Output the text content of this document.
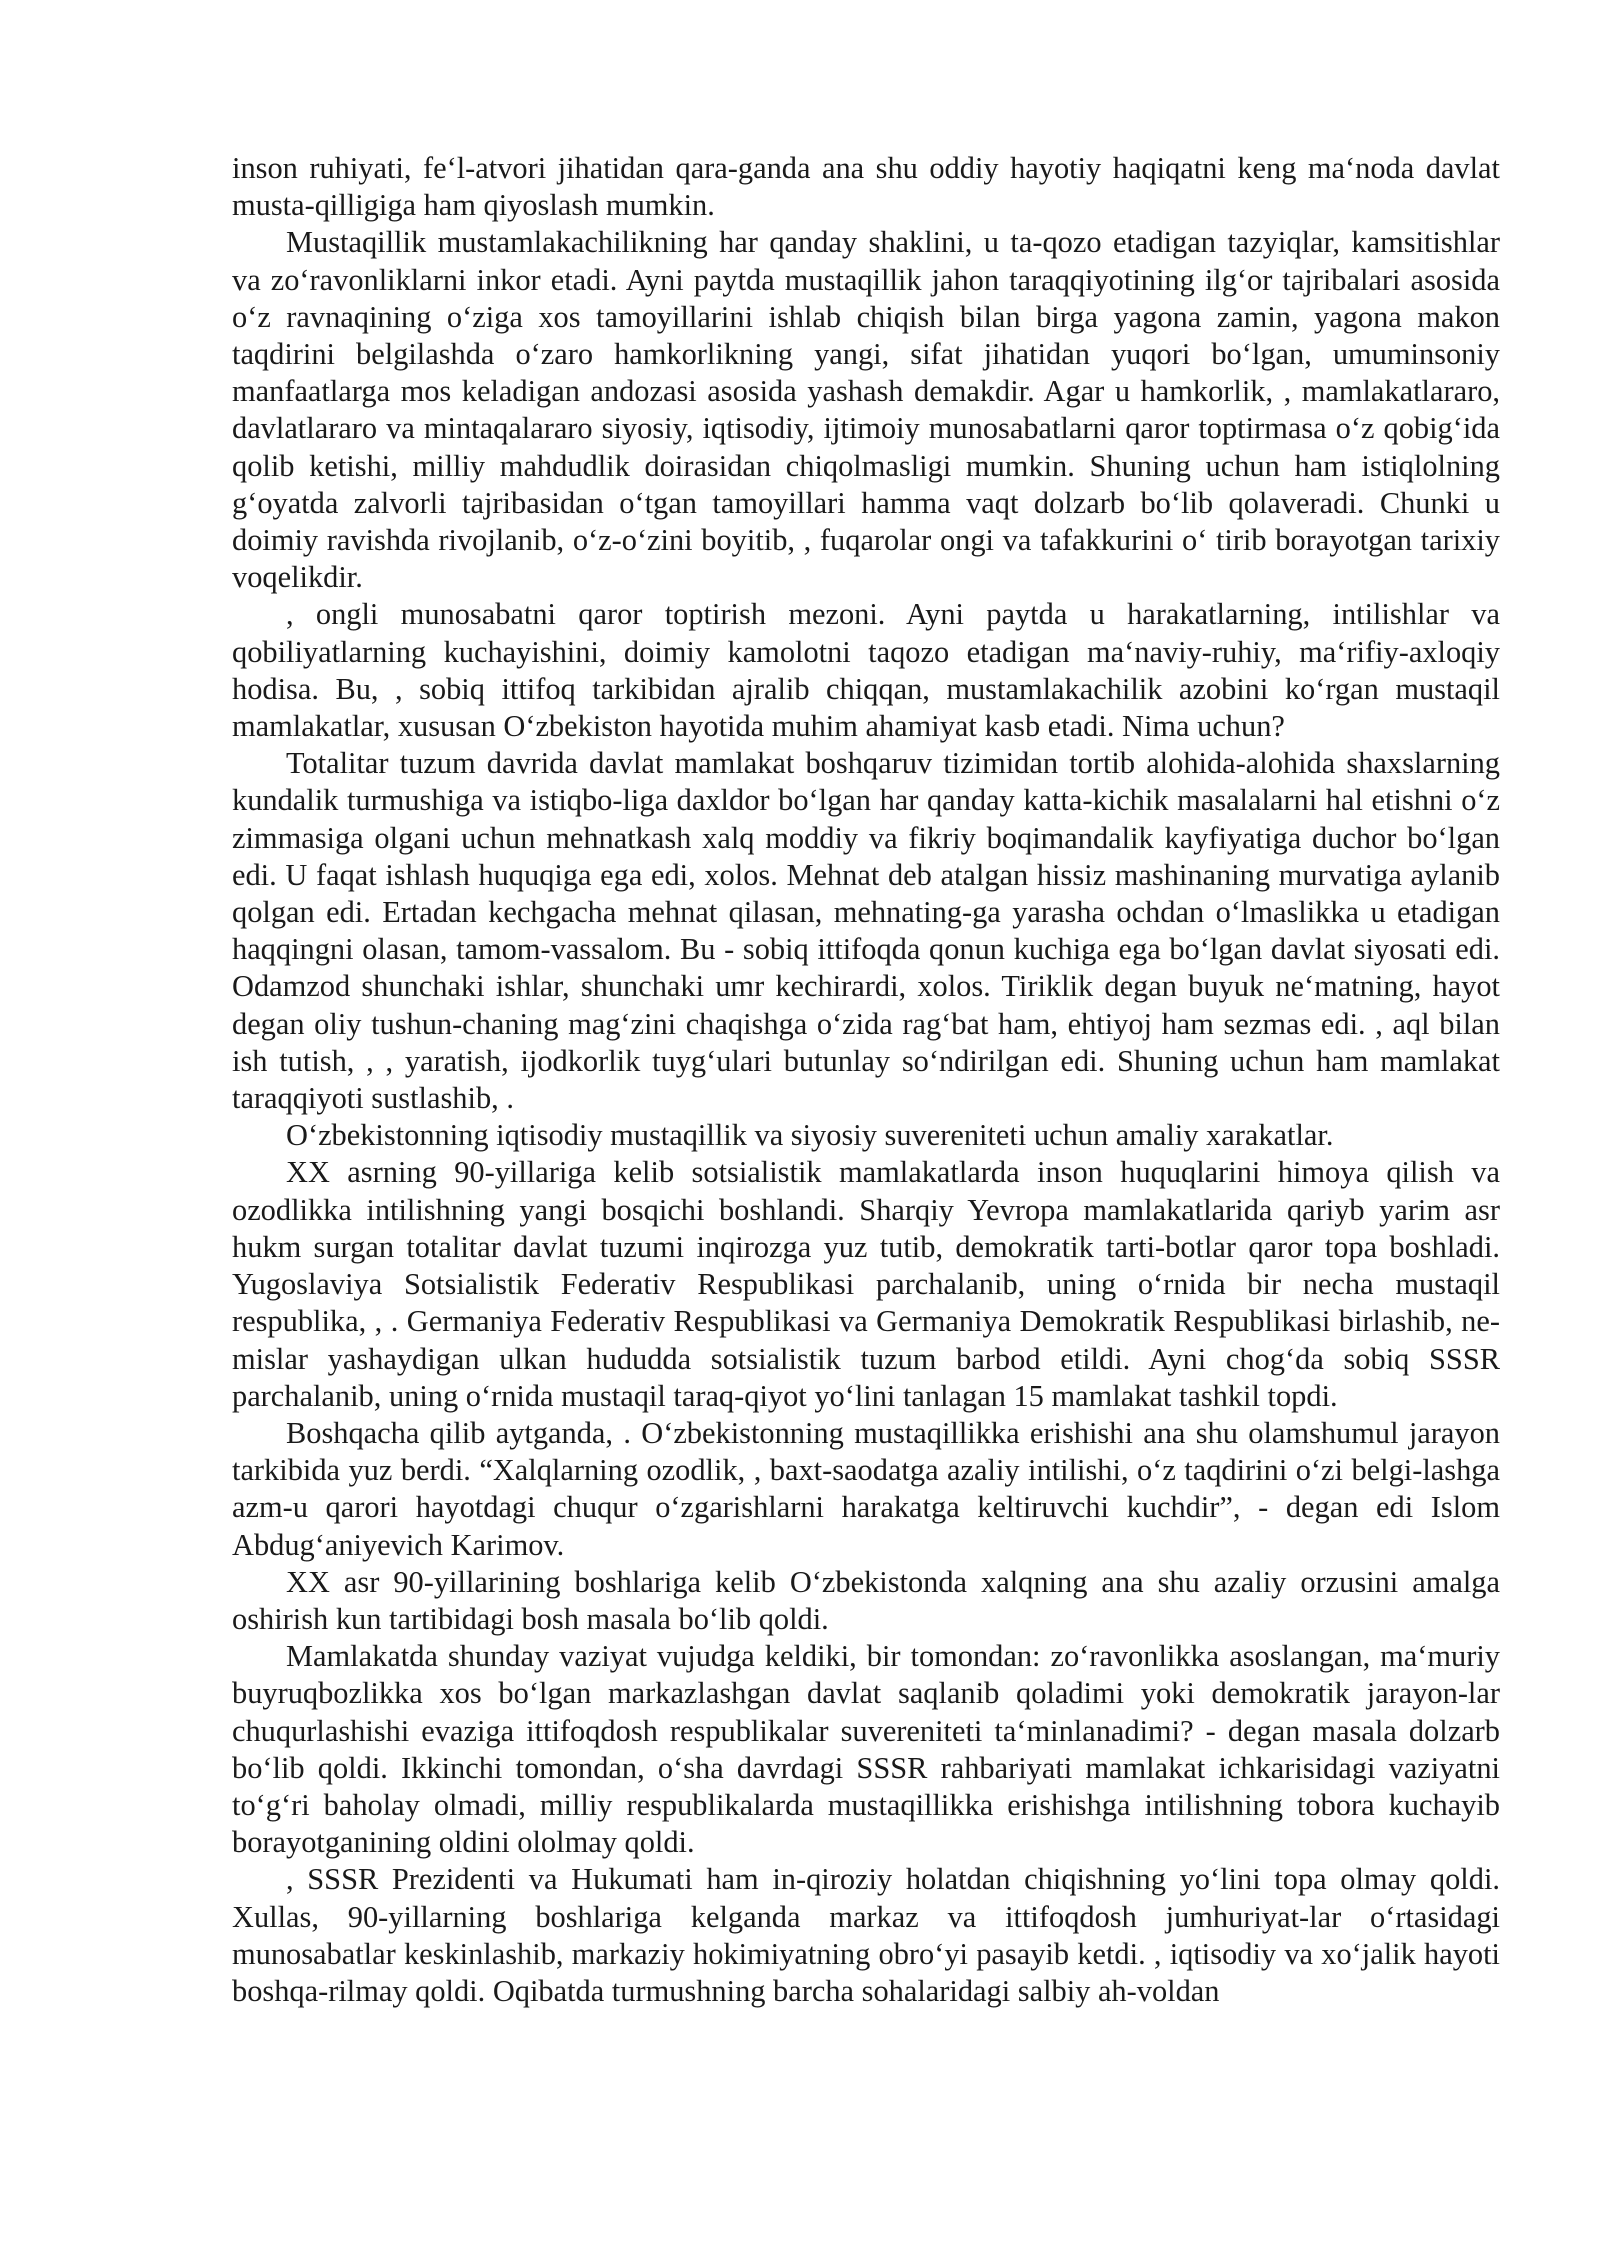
inson ruhiyati, fe‘l-atvori jihatidan qara-ganda ana shu oddiy hayotiy haqiqatni keng ma‘noda davlat musta-qilligiga ham qiyoslash mumkin.

Mustaqillik mustamlakachilikning har qanday shaklini, u ta-qozo etadigan tazyiqlar, kamsitishlar va zo‘ravonliklarni inkor etadi. Ayni paytda mustaqillik jahon taraqqiyotining ilg‘or tajribalari asosida o‘z ravnaqining o‘ziga xos tamoyillarini ishlab chiqish bilan birga yagona zamin, yagona makon taqdirini belgilashda o‘zaro hamkorlikning yangi, sifat jihatidan yuqori bo‘lgan, umuminsoniy manfaatlarga mos keladigan andozasi asosida yashash demakdir. Agar u hamkorlik, , mamlakatlararo, davlatlararo va mintaqalararo siyosiy, iqtisodiy, ijtimoiy munosabatlarni qaror toptirmasa o‘z qobig‘ida qolib ketishi, milliy mahdudlik doirasidan chiqolmasligi mumkin. Shuning uchun ham istiqlolning g‘oyatda zalvorli tajribasidan o‘tgan tamoyillari hamma vaqt dolzarb bo‘lib qolaveradi. Chunki u doimiy ravishda rivojlanib, o‘z-o‘zini boyitib, , fuqarolar ongi va tafakkurini o‘ tirib borayotgan tarixiy voqelikdir.

, ongli munosabatni qaror toptirish mezoni. Ayni paytda u harakatlarning, intilishlar va qobiliyatlarning kuchayishini, doimiy kamolotni taqozo etadigan ma‘naviy-ruhiy, ma‘rifiy-axloqiy hodisa. Bu, , sobiq ittifoq tarkibidan ajralib chiqqan, mustamlakachilik azobini ko‘rgan mustaqil mamlakatlar, xususan O‘zbekiston hayotida muhim ahamiyat kasb etadi. Nima uchun?

Totalitar tuzum davrida davlat mamlakat boshqaruv tizimidan tortib alohida-alohida shaxslarning kundalik turmushiga va istiqbo-liga daxldor bo‘lgan har qanday katta-kichik masalalarni hal etishni o‘z zimmasiga olgani uchun mehnatkash xalq moddiy va fikriy boqimandalik kayfiyatiga duchor bo‘lgan edi. U faqat ishlash huquqiga ega edi, xolos. Mehnat deb atalgan hissiz mashinaning murvatiga aylanib qolgan edi. Ertadan kechgacha mehnat qilasan, mehnating-ga yarasha ochdan o‘lmaslikka u etadigan haqqingni olasan, tamom-vassalom. Bu - sobiq ittifoqda qonun kuchiga ega bo‘lgan davlat siyosati edi. Odamzod shunchaki ishlar, shunchaki umr kechirardi, xolos. Tiriklik degan buyuk ne‘matning, hayot degan oliy tushun-chaning mag‘zini chaqishga o‘zida rag‘bat ham, ehtiyoj ham sezmas edi. , aql bilan ish tutish, , , yaratish, ijodkorlik tuyg‘ulari butunlay so‘ndirilgan edi. Shuning uchun ham mamlakat taraqqiyoti sustlashib, .

O‘zbekistonning iqtisodiy mustaqillik va siyosiy suvereniteti uchun amaliy xarakatlar.

XX asrning 90-yillariga kelib sotsialistik mamlakatlarda inson huquqlarini himoya qilish va ozodlikka intilishning yangi bosqichi boshlandi. Sharqiy Yevropa mamlakatlarida qariyb yarim asr hukm surgan totalitar davlat tuzumi inqirozga yuz tutib, demokratik tarti-botlar qaror topa boshladi. Yugoslaviya Sotsialistik Federativ Respublikasi parchalanib, uning o‘rnida bir necha mustaqil respublika, , . Germaniya Federativ Respublikasi va Germaniya Demokratik Respublikasi birlashib, ne-mislar yashaydigan ulkan hududda sotsialistik tuzum barbod etildi. Ayni chog‘da sobiq SSSR parchalanib, uning o‘rnida mustaqil taraq-qiyot yo‘lini tanlagan 15 mamlakat tashkil topdi.

Boshqacha qilib aytganda, . O‘zbekistonning mustaqillikka erishishi ana shu olamshumul jarayon tarkibida yuz berdi. “Xalqlarning ozodlik, , baxt-saodatga azaliy intilishi, o‘z taqdirini o‘zi belgi-lashga azm-u qarori hayotdagi chuqur o‘zgarishlarni harakatga keltiruvchi kuchdir”, - degan edi Islom Abdug‘aniyevich Karimov.

XX asr 90-yillarining boshlariga kelib O‘zbekistonda xalqning ana shu azaliy orzusini amalga oshirish kun tartibidagi bosh masala bo‘lib qoldi.

Mamlakatda shunday vaziyat vujudga keldiki, bir tomondan: zo‘ravonlikka asoslangan, ma‘muriy buyruqbozlikka xos bo‘lgan markazlashgan davlat saqlanib qoladimi yoki demokratik jarayon-lar chuqurlashishi evaziga ittifoqdosh respublikalar suvereniteti ta‘minlanadimi? - degan masala dolzarb bo‘lib qoldi. Ikkinchi tomondan, o‘sha davrdagi SSSR rahbariyati mamlakat ichkarisidagi vaziyatni to‘g‘ri baholay olmadi, milliy respublikalarda mustaqillikka erishishga intilishning tobora kuchayib borayotganining oldini ololmay qoldi.

, SSSR Prezidenti va Hukumati ham in-qiroziy holatdan chiqishning yo‘lini topa olmay qoldi. Xullas, 90-yillarning boshlariga kelganda markaz va ittifoqdosh jumhuriyat-lar o‘rtasidagi munosabatlar keskinlashib, markaziy hokimiyatning obro‘yi pasayib ketdi. , iqtisodiy va xo‘jalik hayoti boshqa-rilmay qoldi. Oqibatda turmushning barcha sohalaridagi salbiy ah-voldan
